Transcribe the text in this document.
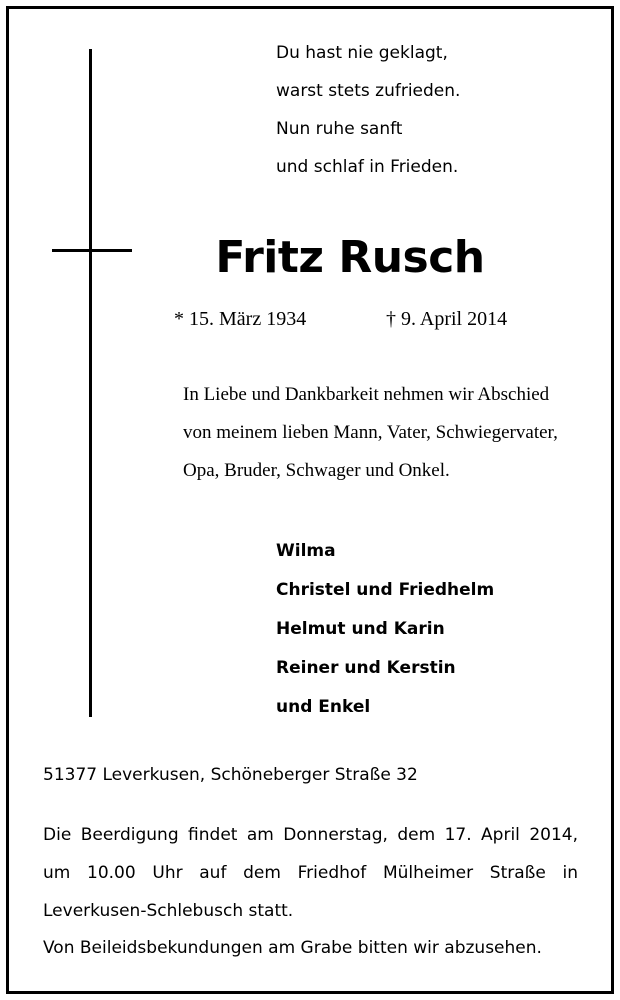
Du hast nie geklagt,
warst stets zufrieden.
Nun ruhe sanft
und schlaf in Frieden.
Fritz Rusch
* 15. März 1934	† 9. April 2014
In Liebe und Dankbarkeit nehmen wir Abschied
von meinem lieben Mann, Vater, Schwiegervater,
Opa, Bruder, Schwager und Onkel.
Wilma
Christel und Friedhelm
Helmut und Karin
Reiner und Kerstin
und Enkel
51377 Leverkusen, Schöneberger Straße 32
Die Beerdigung findet am Donnerstag, dem 17. April 2014,
um 10.00 Uhr auf dem Friedhof Mülheimer Straße in
Leverkusen-Schlebusch statt.
Von Beileidsbekundungen am Grabe bitten wir abzusehen.
